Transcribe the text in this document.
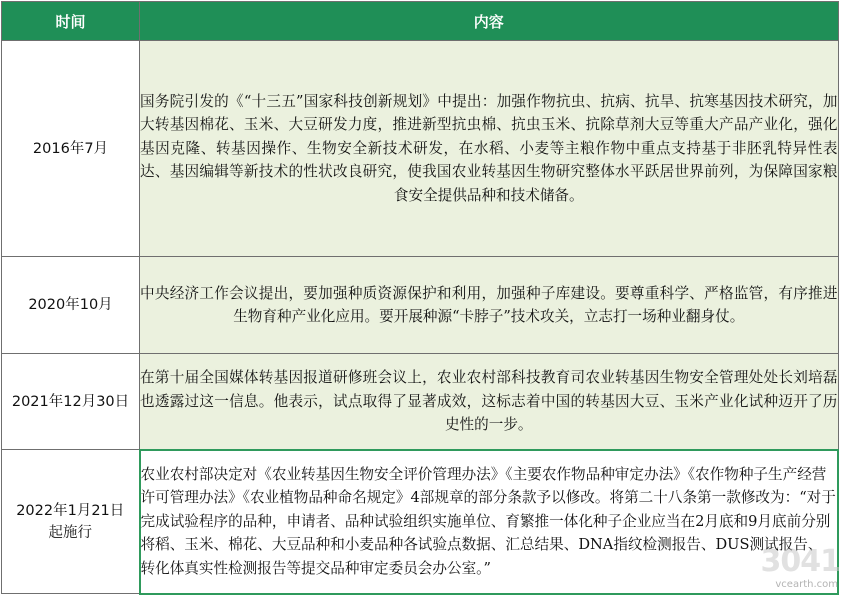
时间	内容
2016年7月	国务院引发的《“十三五”国家科技创新规划》中提出：加强作物抗虫、抗病、抗旱、抗寒基因技术研究，加大转基因棉花、玉米、大豆研发力度，推进新型抗虫棉、抗虫玉米、抗除草剂大豆等重大产品产业化，强化基因克隆、转基因操作、生物安全新技术研发，在水稻、小麦等主粮作物中重点支持基于非胚乳特异性表达、基因编辑等新技术的性状改良研究，使我国农业转基因生物研究整体水平跃居世界前列，为保障国家粮食安全提供品种和技术储备。
2020年10月	中央经济工作会议提出，要加强种质资源保护和利用，加强种子库建设。要尊重科学、严格监管，有序推进生物育种产业化应用。要开展种源“卡脖子”技术攻关，立志打一场种业翻身仗。
2021年12月30日	在第十届全国媒体转基因报道研修班会议上，农业农村部科技教育司农业转基因生物安全管理处处长刘培磊也透露过这一信息。他表示，试点取得了显著成效，这标志着中国的转基因大豆、玉米产业化试种迈开了历史性的一步。
2022年1月21日起施行	农业农村部决定对《农业转基因生物安全评价管理办法》《主要农作物品种审定办法》《农作物种子生产经营许可管理办法》《农业植物品种命名规定》4部规章的部分条款予以修改。将第二十八条第一款修改为：“对于完成试验程序的品种，申请者、品种试验组织实施单位、育繁推一体化种子企业应当在2月底和9月底前分别将稻、玉米、棉花、大豆品种和小麦品种各试验点数据、汇总结果、DNA指纹检测报告、DUS测试报告、转化体真实性检测报告等提交品种审定委员会办公室。”	3041
vcearth.com
